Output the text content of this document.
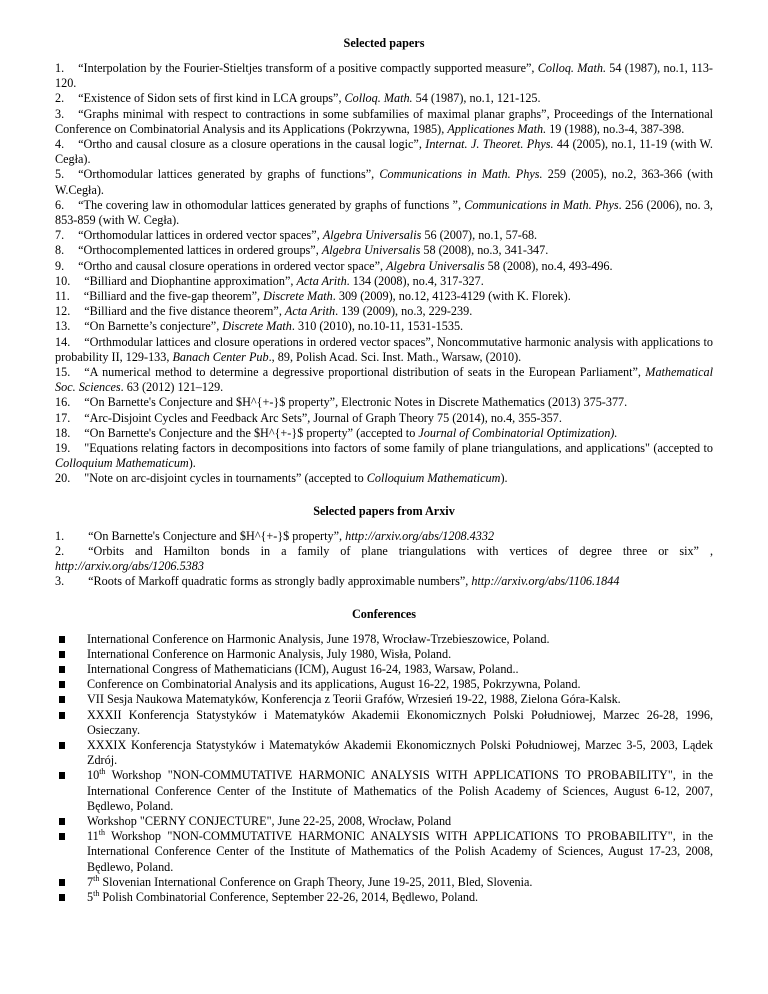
Selected papers

1. “Interpolation by the Fourier-Stieltjes transform of a positive compactly supported measure”, Colloq. Math. 54 (1987), no.1, 113-120.

2. “Existence of Sidon sets of first kind in LCA groups”, Colloq. Math. 54 (1987), no.1, 121-125.

3. “Graphs minimal with respect to contractions in some subfamilies of maximal planar graphs”, Proceedings of the International Conference on Combinatorial Analysis and its Applications (Pokrzywna, 1985), Applicationes Math. 19 (1988), no.3-4, 387-398.

4. “Ortho and causal closure as a closure operations in the causal logic”, Internat. J. Theoret. Phys. 44 (2005), no.1, 11-19 (with W. Cegła).

5. “Orthomodular lattices generated by graphs of functions”, Communications in Math. Phys. 259 (2005), no.2, 363-366 (with W.Cegła).

6. “The covering law in othomodular lattices generated by graphs of functions ”, Communications in Math. Phys. 256 (2006), no. 3, 853-859 (with W. Cegła).

7. “Orthomodular lattices in ordered vector spaces”, Algebra Universalis 56 (2007), no.1, 57-68.

8. “Orthocomplemented lattices in ordered groups”, Algebra Universalis 58 (2008), no.3, 341-347.

9. “Ortho and causal closure operations in ordered vector space”, Algebra Universalis 58 (2008), no.4, 493-496.

10. “Billiard and Diophantine approximation”, Acta Arith. 134 (2008), no.4, 317-327.

11. “Billiard and the five-gap theorem”, Discrete Math. 309 (2009), no.12, 4123-4129 (with K. Florek).

12. “Billiard and the five distance theorem”, Acta Arith. 139 (2009), no.3, 229-239.

13. “On Barnette’s conjecture”, Discrete Math. 310 (2010), no.10-11, 1531-1535.

14. “Orthmodular lattices and closure operations in ordered vector spaces”, Noncommutative harmonic analysis with applications to probability II, 129-133, Banach Center Pub., 89, Polish Acad. Sci. Inst. Math., Warsaw, (2010).

15. “A numerical method to determine a degressive proportional distribution of seats in the European Parliament”, Mathematical Soc. Sciences. 63 (2012) 121–129.

16. “On Barnette's Conjecture and $H^{+-}$ property”, Electronic Notes in Discrete Mathematics (2013) 375-377.

17. “Arc-Disjoint Cycles and Feedback Arc Sets”, Journal of Graph Theory 75 (2014), no.4, 355-357.

18. “On Barnette's Conjecture and the $H^{+-}$ property” (accepted to Journal of Combinatorial Optimization).

19. "Equations relating factors in decompositions into factors of some family of plane triangulations, and applications" (accepted to Colloquium Mathematicum).

20. "Note on arc-disjoint cycles in tournaments” (accepted to Colloquium Mathematicum).

Selected papers from Arxiv

1. “On Barnette's Conjecture and $H^{+-}$ property”, http://arxiv.org/abs/1208.4332

2. “Orbits and Hamilton bonds in a family of plane triangulations with vertices of degree three or six” , http://arxiv.org/abs/1206.5383

3. “Roots of Markoff quadratic forms as strongly badly approximable numbers”, http://arxiv.org/abs/1106.1844

Conferences
International Conference on Harmonic Analysis, June 1978, Wrocław-Trzebieszowice, Poland.
International Conference on Harmonic Analysis, July 1980, Wisła, Poland.
International Congress of Mathematicians (ICM), August 16-24, 1983, Warsaw, Poland..
Conference on Combinatorial Analysis and its applications, August 16-22, 1985, Pokrzywna, Poland.
VII Sesja Naukowa Matematyków, Konferencja z Teorii Grafów, Wrzesień 19-22, 1988, Zielona Góra-Kalsk.
XXXII Konferencja Statystyków i Matematyków Akademii Ekonomicznych Polski Południowej, Marzec 26-28, 1996, Osieczany.
XXXIX Konferencja Statystyków i Matematyków Akademii Ekonomicznych Polski Południowej, Marzec 3-5, 2003, Lądek Zdrój.
10th Workshop "NON-COMMUTATIVE HARMONIC ANALYSIS WITH APPLICATIONS TO PROBABILITY", in the International Conference Center of the Institute of Mathematics of the Polish Academy of Sciences, August 6-12, 2007, Będlewo, Poland.
Workshop "CERNY CONJECTURE", June 22-25, 2008, Wrocław, Poland
11th Workshop "NON-COMMUTATIVE HARMONIC ANALYSIS WITH APPLICATIONS TO PROBABILITY", in the International Conference Center of the Institute of Mathematics of the Polish Academy of Sciences, August 17-23, 2008, Będlewo, Poland.
7th Slovenian International Conference on Graph Theory, June 19-25, 2011, Bled, Slovenia.
5th Polish Combinatorial Conference, September 22-26, 2014, Będlewo, Poland.
